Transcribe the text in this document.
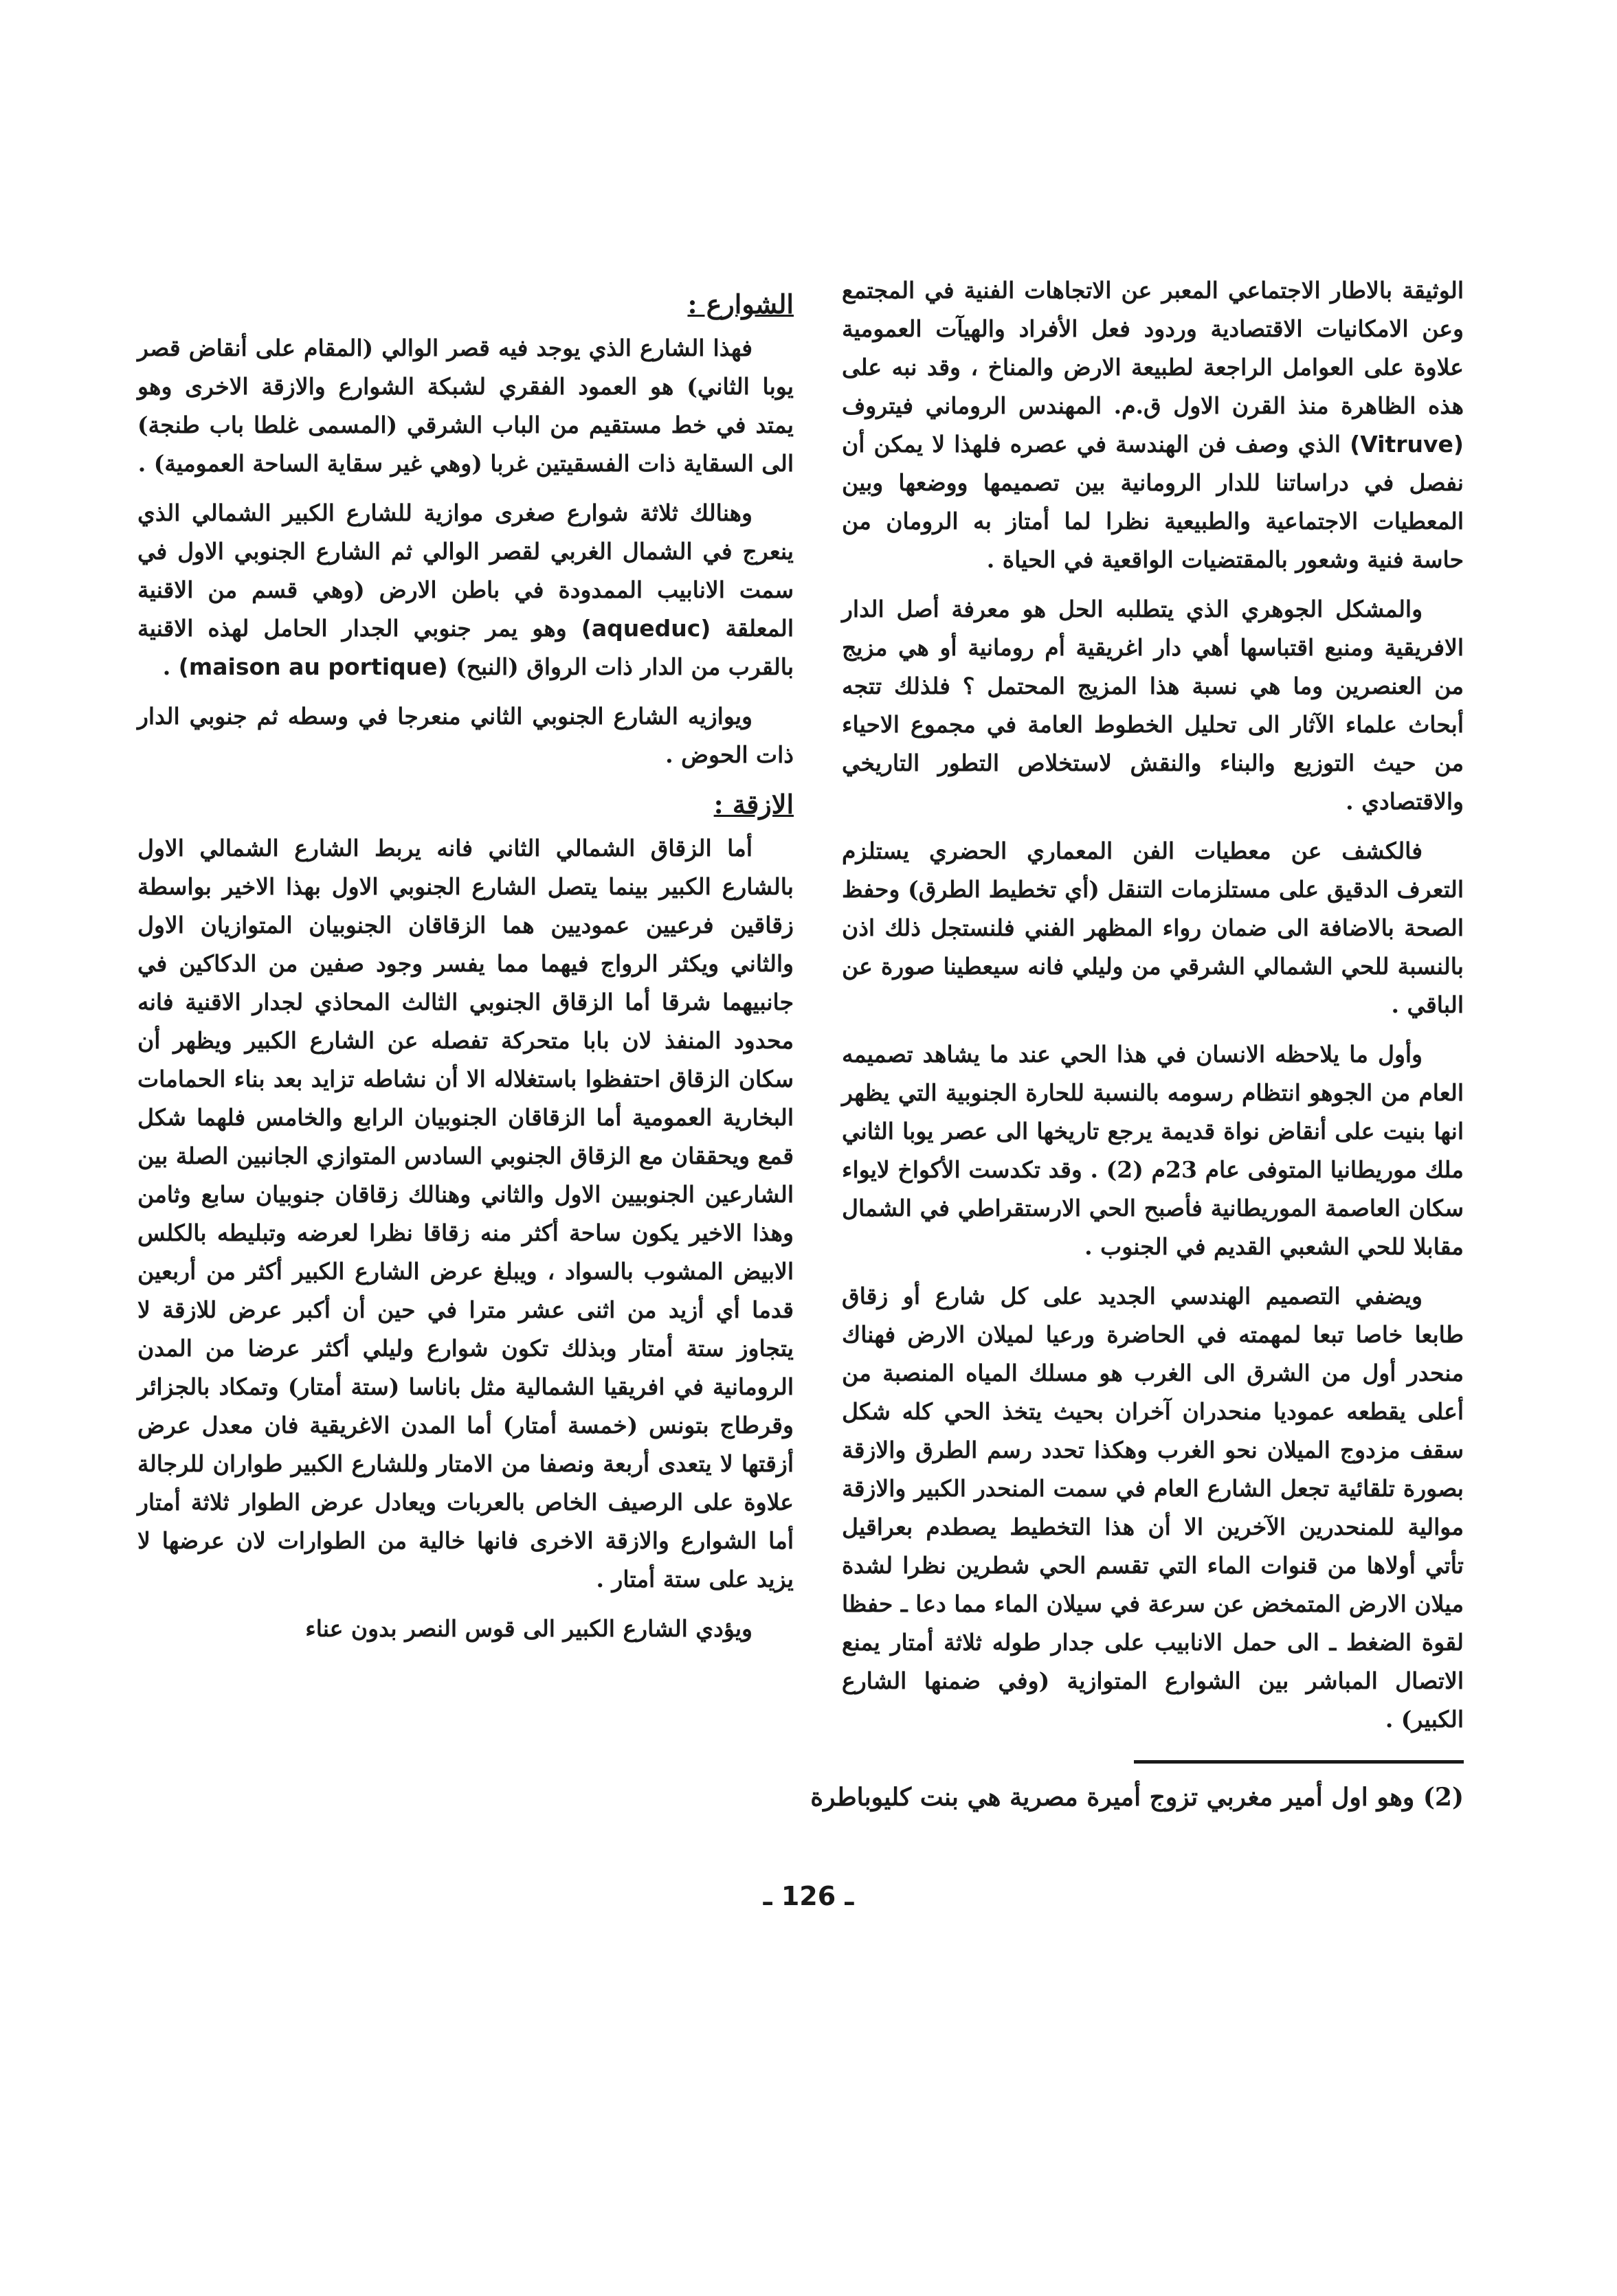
الوثيقة بالاطار الاجتماعي المعبر عن الاتجاهات الفنية في المجتمع وعن الامكانيات الاقتصادية وردود فعل الأفراد والهيآت العمومية علاوة على العوامل الراجعة لطبيعة الارض والمناخ ، وقد نبه على هذه الظاهرة منذ القرن الاول ق.م. المهندس الروماني فيتروف (Vitruve) الذي وصف فن الهندسة في عصره فلهذا لا يمكن أن نفصل في دراساتنا للدار الرومانية بين تصميمها ووضعها وبين المعطيات الاجتماعية والطبيعية نظرا لما أمتاز به الرومان من حاسة فنية وشعور بالمقتضيات الواقعية في الحياة .

والمشكل الجوهري الذي يتطلبه الحل هو معرفة أصل الدار الافريقية ومنبع اقتباسها أهي دار اغريقية أم رومانية أو هي مزيج من العنصرين وما هي نسبة هذا المزيج المحتمل ؟ فلذلك تتجه أبحاث علماء الآثار الى تحليل الخطوط العامة في مجموع الاحياء من حيث التوزيع والبناء والنقش لاستخلاص التطور التاريخي والاقتصادي .

فالكشف عن معطيات الفن المعماري الحضري يستلزم التعرف الدقيق على مستلزمات التنقل (أي تخطيط الطرق) وحفظ الصحة بالاضافة الى ضمان رواء المظهر الفني فلنستجل ذلك اذن بالنسبة للحي الشمالي الشرقي من وليلي فانه سيعطينا صورة عن الباقي .

وأول ما يلاحظه الانسان في هذا الحي عند ما يشاهد تصميمه العام من الجوهو انتظام رسومه بالنسبة للحارة الجنوبية التي يظهر انها بنيت على أنقاض نواة قديمة يرجع تاريخها الى عصر يوبا الثاني ملك موريطانيا المتوفى عام 23م (2) . وقد تكدست الأكواخ لايواء سكان العاصمة الموريطانية فأصبح الحي الارستقراطي في الشمال مقابلا للحي الشعبي القديم في الجنوب .

ويضفي التصميم الهندسي الجديد على كل شارع أو زقاق طابعا خاصا تبعا لمهمته في الحاضرة ورعيا لميلان الارض فهناك منحدر أول من الشرق الى الغرب هو مسلك المياه المنصبة من أعلى يقطعه عموديا منحدران آخران بحيث يتخذ الحي كله شكل سقف مزدوج الميلان نحو الغرب وهكذا تحدد رسم الطرق والازقة بصورة تلقائية تجعل الشارع العام في سمت المنحدر الكبير والازقة موالية للمنحدرين الآخرين الا أن هذا التخطيط يصطدم بعراقيل تأتي أولاها من قنوات الماء التي تقسم الحي شطرين نظرا لشدة ميلان الارض المتمخض عن سرعة في سيلان الماء مما دعا ـ حفظا لقوة الضغط ـ الى حمل الانابيب على جدار طوله ثلاثة أمتار يمنع الاتصال المباشر بين الشوارع المتوازية (وفي ضمنها الشارع الكبير) .

الشوارع :

فهذا الشارع الذي يوجد فيه قصر الوالي (المقام على أنقاض قصر يوبا الثاني) هو العمود الفقري لشبكة الشوارع والازقة الاخرى وهو يمتد في خط مستقيم من الباب الشرقي (المسمى غلطا باب طنجة) الى السقاية ذات الفسقيتين غربا (وهي غير سقاية الساحة العمومية) .

وهنالك ثلاثة شوارع صغرى موازية للشارع الكبير الشمالي الذي ينعرج في الشمال الغربي لقصر الوالي ثم الشارع الجنوبي الاول في سمت الانابيب الممدودة في باطن الارض (وهي قسم من الاقنية المعلقة (aqueduc) وهو يمر جنوبي الجدار الحامل لهذه الاقنية بالقرب من الدار ذات الرواق (النبح) (maison au portique) .

ويوازيه الشارع الجنوبي الثاني منعرجا في وسطه ثم جنوبي الدار ذات الحوض .

الازقة :

أما الزقاق الشمالي الثاني فانه يربط الشارع الشمالي الاول بالشارع الكبير بينما يتصل الشارع الجنوبي الاول بهذا الاخير بواسطة زقاقين فرعيين عموديين هما الزقاقان الجنوبيان المتوازيان الاول والثاني ويكثر الرواج فيهما مما يفسر وجود صفين من الدكاكين في جانبيهما شرقا أما الزقاق الجنوبي الثالث المحاذي لجدار الاقنية فانه محدود المنفذ لان بابا متحركة تفصله عن الشارع الكبير ويظهر أن سكان الزقاق احتفظوا باستغلاله الا أن نشاطه تزايد بعد بناء الحمامات البخارية العمومية أما الزقاقان الجنوبيان الرابع والخامس فلهما شكل قمع ويحققان مع الزقاق الجنوبي السادس المتوازي الجانبين الصلة بين الشارعين الجنوبيين الاول والثاني وهنالك زقاقان جنوبيان سابع وثامن وهذا الاخير يكون ساحة أكثر منه زقاقا نظرا لعرضه وتبليطه بالكلس الابيض المشوب بالسواد ، ويبلغ عرض الشارع الكبير أكثر من أربعين قدما أي أزيد من اثنى عشر مترا في حين أن أكبر عرض للازقة لا يتجاوز ستة أمتار وبذلك تكون شوارع وليلي أكثر عرضا من المدن الرومانية في افريقيا الشمالية مثل باناسا (ستة أمتار) وتمكاد بالجزائر وقرطاج بتونس (خمسة أمتار) أما المدن الاغريقية فان معدل عرض أزقتها لا يتعدى أربعة ونصفا من الامتار وللشارع الكبير طواران للرجالة علاوة على الرصيف الخاص بالعربات ويعادل عرض الطوار ثلاثة أمتار أما الشوارع والازقة الاخرى فانها خالية من الطوارات لان عرضها لا يزيد على ستة أمتار .

ويؤدي الشارع الكبير الى قوس النصر بدون عناء

(2) وهو اول أمير مغربي تزوج أميرة مصرية هي بنت كليوباطرة
ـ 126 ـ
